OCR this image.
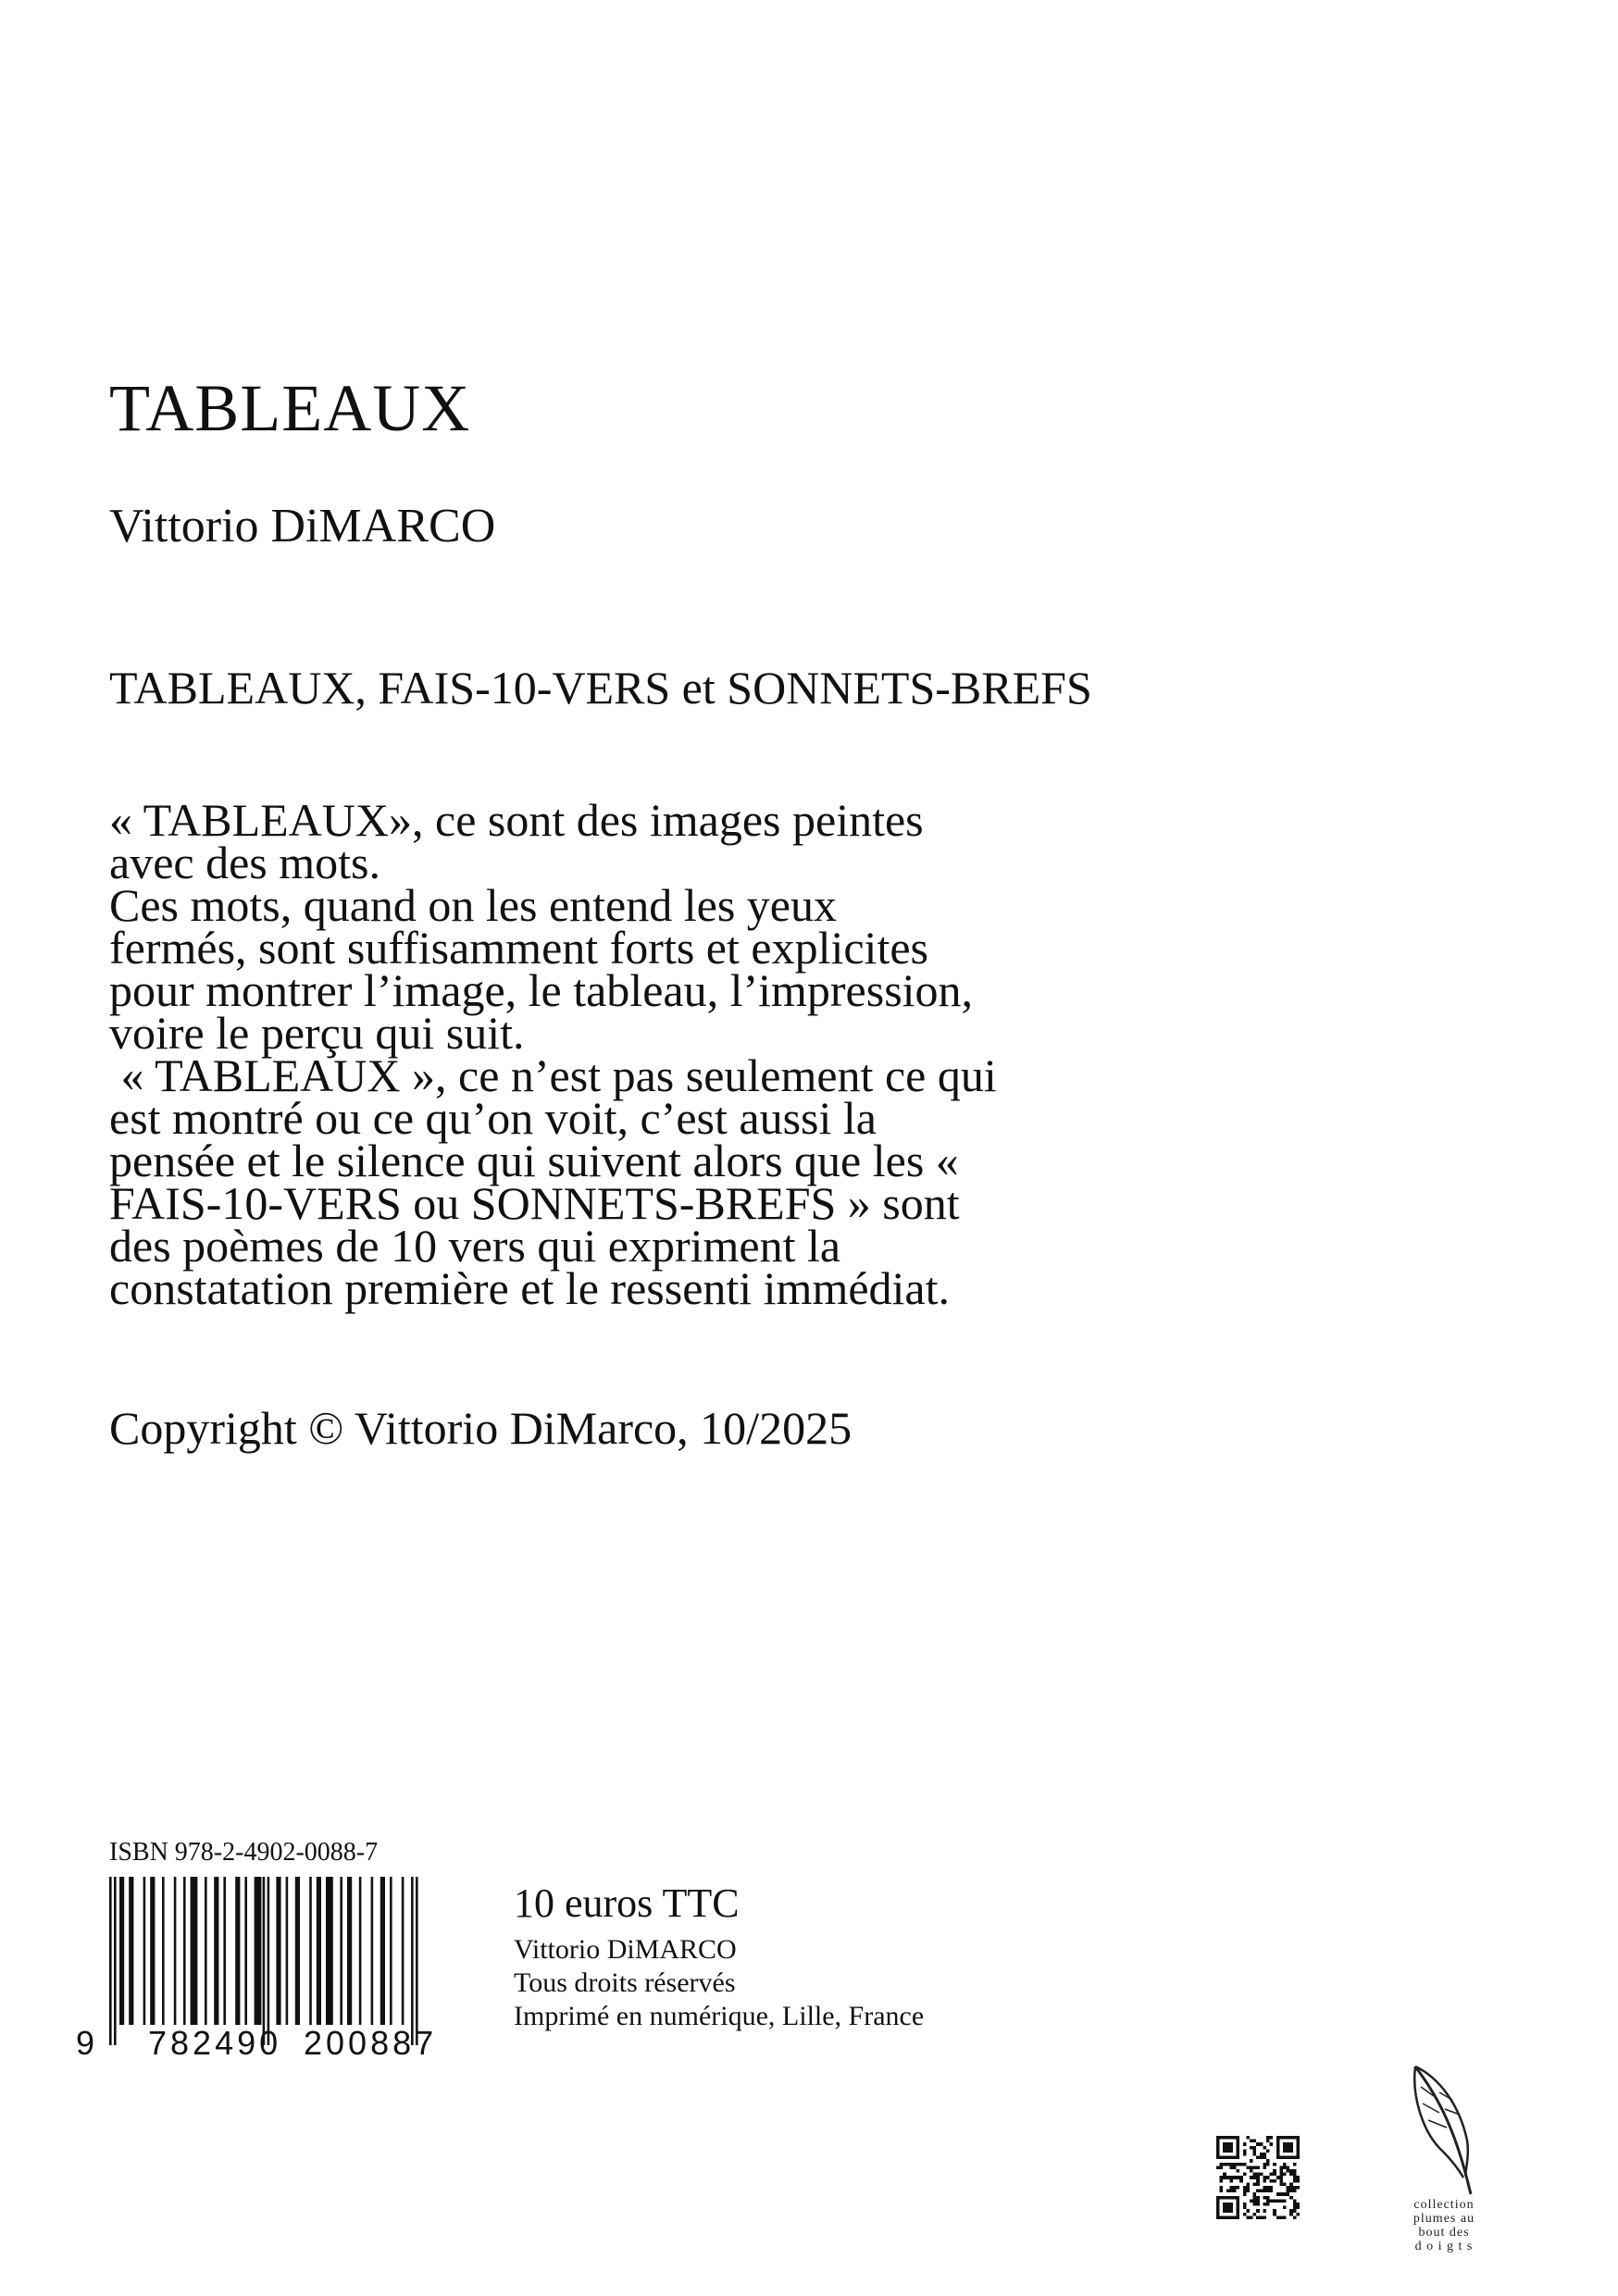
TABLEAUX
Vittorio DiMARCO
TABLEAUX, FAIS-10-VERS et SONNETS-BREFS
« TABLEAUX», ce sont des images peintes
avec des mots.
Ces mots, quand on les entend les yeux
fermés, sont suffisamment forts et explicites
pour montrer l’image, le tableau, l’impression,
voire le perçu qui suit.
« TABLEAUX », ce n’est pas seulement ce qui
est montré ou ce qu’on voit, c’est aussi la
pensée et le silence qui suivent alors que les «
FAIS-10-VERS ou SONNETS-BREFS » sont
des poèmes de 10 vers qui expriment la
constatation première et le ressenti immédiat.
Copyright © Vittorio DiMarco, 10/2025
ISBN 978-2-4902-0088-7
9 782490 200887
10 euros TTC
Vittorio DiMARCO
Tous droits réservés
Imprimé en numérique, Lille, France
collection
plumes au
bout des
d o i g t s
